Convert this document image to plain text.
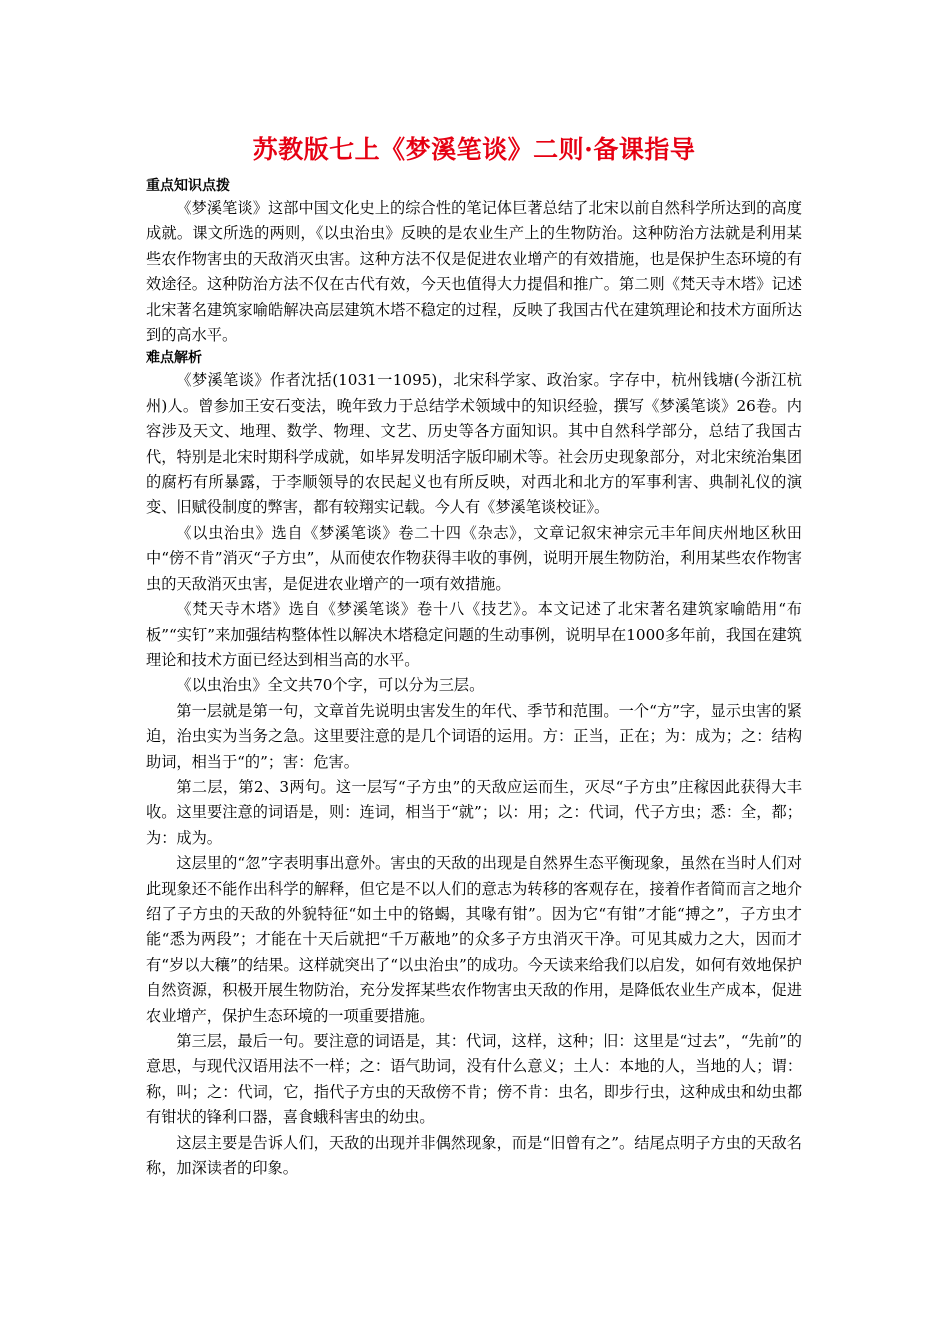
苏教版七上《梦溪笔谈》二则·备课指导
重点知识点拨

《梦溪笔谈》这部中国文化史上的综合性的笔记体巨著总结了北宋以前自然科学所达到的高度成就。课文所选的两则，《以虫治虫》反映的是农业生产上的生物防治。这种防治方法就是利用某些农作物害虫的天敌消灭虫害。这种方法不仅是促进农业增产的有效措施，也是保护生态环境的有效途径。这种防治方法不仅在古代有效，今天也值得大力提倡和推广。第二则《梵天寺木塔》记述北宋著名建筑家喻皓解决高层建筑木塔不稳定的过程，反映了我国古代在建筑理论和技术方面所达到的高水平。

难点解析

《梦溪笔谈》作者沈括(1031一1095)，北宋科学家、政治家。字存中，杭州钱塘(今浙江杭州)人。曾参加王安石变法，晚年致力于总结学术领域中的知识经验，撰写《梦溪笔谈》26卷。内容涉及天文、地理、数学、物理、文艺、历史等各方面知识。其中自然科学部分，总结了我国古代，特别是北宋时期科学成就，如毕昇发明活字版印刷术等。社会历史现象部分，对北宋统治集团的腐朽有所暴露，于李顺领导的农民起义也有所反映，对西北和北方的军事利害、典制礼仪的演变、旧赋役制度的弊害，都有较翔实记载。今人有《梦溪笔谈校证》。

《以虫治虫》选自《梦溪笔谈》卷二十四《杂志》，文章记叙宋神宗元丰年间庆州地区秋田中“傍不肯”消灭“子方虫”，从而使农作物获得丰收的事例，说明开展生物防治，利用某些农作物害虫的天敌消灭虫害，是促进农业增产的一项有效措施。

《梵天寺木塔》选自《梦溪笔谈》卷十八《技艺》。本文记述了北宋著名建筑家喻皓用“布板”“实钉”来加强结构整体性以解决木塔稳定问题的生动事例，说明早在1000多年前，我国在建筑理论和技术方面已经达到相当高的水平。

《以虫治虫》全文共70个字，可以分为三层。

第一层就是第一句，文章首先说明虫害发生的年代、季节和范围。一个“方”字，显示虫害的紧迫，治虫实为当务之急。这里要注意的是几个词语的运用。方：正当，正在；为：成为；之：结构助词，相当于“的”；害：危害。

第二层，第2、3两句。这一层写“子方虫”的天敌应运而生，灭尽“子方虫”庄稼因此获得大丰收。这里要注意的词语是，则：连词，相当于“就”；以：用；之：代词，代子方虫；悉：全，都；为：成为。

这层里的“忽”字表明事出意外。害虫的天敌的出现是自然界生态平衡现象，虽然在当时人们对此现象还不能作出科学的解释，但它是不以人们的意志为转移的客观存在，接着作者简而言之地介绍了子方虫的天敌的外貌特征“如土中的铬蝎，其喙有钳”。因为它“有钳”才能“搏之”，子方虫才能“悉为两段”；才能在十天后就把“千万蔽地”的众多子方虫消灭干净。可见其威力之大，因而才有“岁以大穰”的结果。这样就突出了“以虫治虫”的成功。今天读来给我们以启发，如何有效地保护自然资源，积极开展生物防治，充分发挥某些农作物害虫天敌的作用，是降低农业生产成本，促进农业增产，保护生态环境的一项重要措施。

第三层，最后一句。要注意的词语是，其：代词，这样，这种；旧：这里是“过去”，“先前”的意思，与现代汉语用法不一样；之：语气助词，没有什么意义；土人：本地的人，当地的人；谓：称，叫；之：代词，它，指代子方虫的天敌傍不肯；傍不肯：虫名，即步行虫，这种成虫和幼虫都有钳状的锋利口器，喜食蛾科害虫的幼虫。

这层主要是告诉人们，天敌的出现并非偶然现象，而是“旧曾有之”。结尾点明子方虫的天敌名称，加深读者的印象。
